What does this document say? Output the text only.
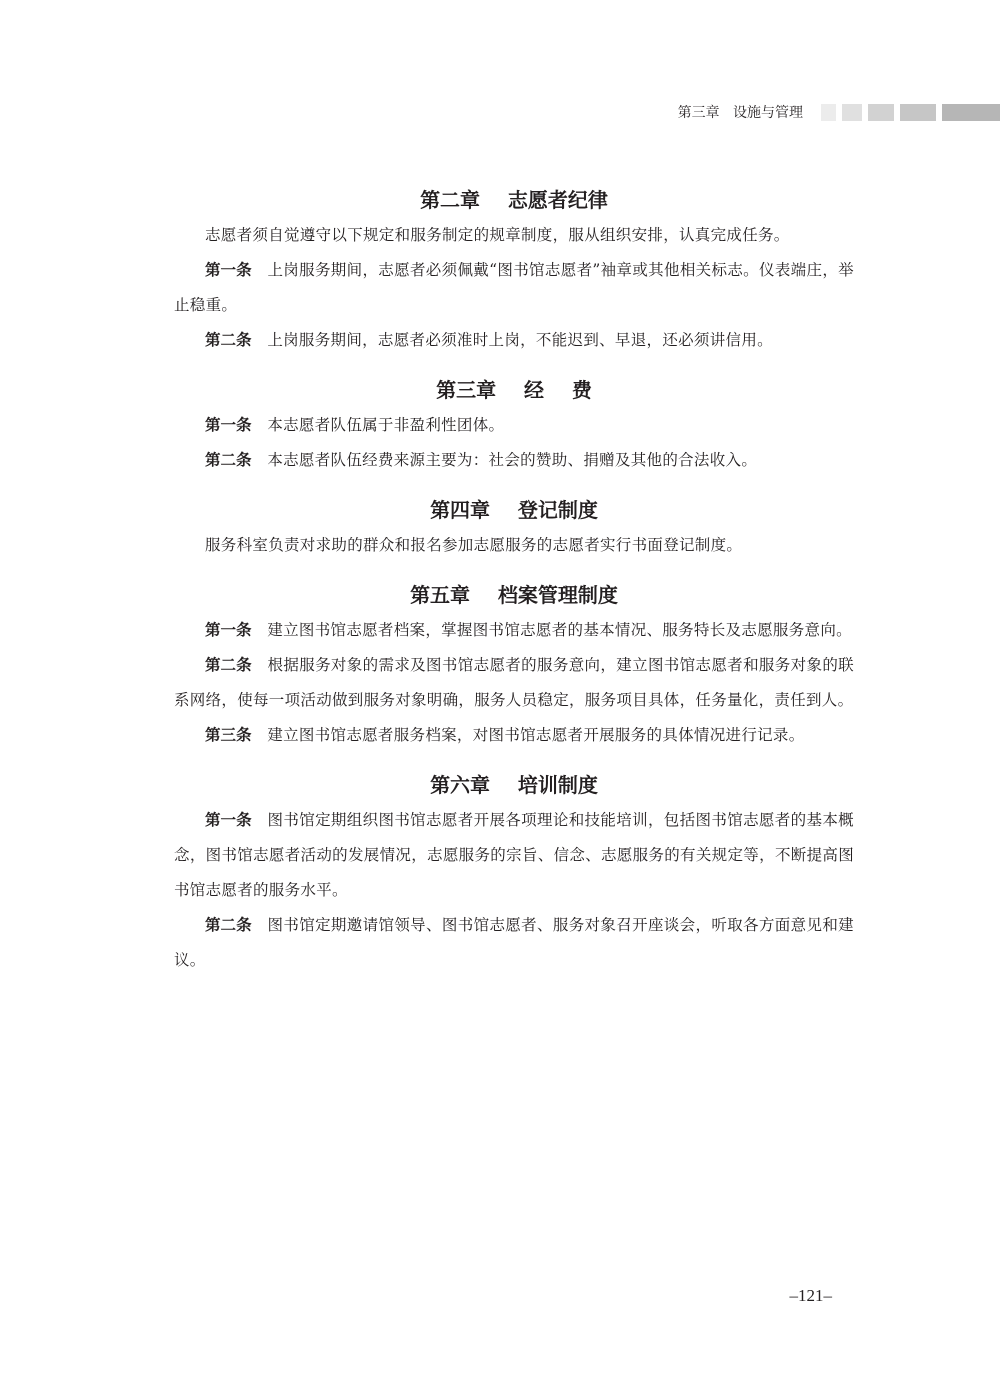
第三章   设施与管理
第二章    志愿者纪律

志愿者须自觉遵守以下规定和服务制定的规章制度，服从组织安排，认真完成任务。

第一条　 上岗服务期间，志愿者必须佩戴“图书馆志愿者”袖章或其他相关标志。仪表端庄，举止稳重。

第二条　 上岗服务期间，志愿者必须准时上岗，不能迟到、早退，还必须讲信用。

第三章    经    费

第一条　 本志愿者队伍属于非盈利性团体。

第二条　 本志愿者队伍经费来源主要为：社会的赞助、捐赠及其他的合法收入。

第四章    登记制度

服务科室负责对求助的群众和报名参加志愿服务的志愿者实行书面登记制度。

第五章    档案管理制度

第一条　 建立图书馆志愿者档案，掌握图书馆志愿者的基本情况、服务特长及志愿服务意向。

第二条　 根据服务对象的需求及图书馆志愿者的服务意向，建立图书馆志愿者和服务对象的联系网络，使每一项活动做到服务对象明确，服务人员稳定，服务项目具体，任务量化，责任到人。

第三条　 建立图书馆志愿者服务档案，对图书馆志愿者开展服务的具体情况进行记录。

第六章    培训制度

第一条　 图书馆定期组织图书馆志愿者开展各项理论和技能培训，包括图书馆志愿者的基本概念，图书馆志愿者活动的发展情况，志愿服务的宗旨、信念、志愿服务的有关规定等，不断提高图书馆志愿者的服务水平。

第二条　 图书馆定期邀请馆领导、图书馆志愿者、服务对象召开座谈会，听取各方面意见和建议。

–121–
